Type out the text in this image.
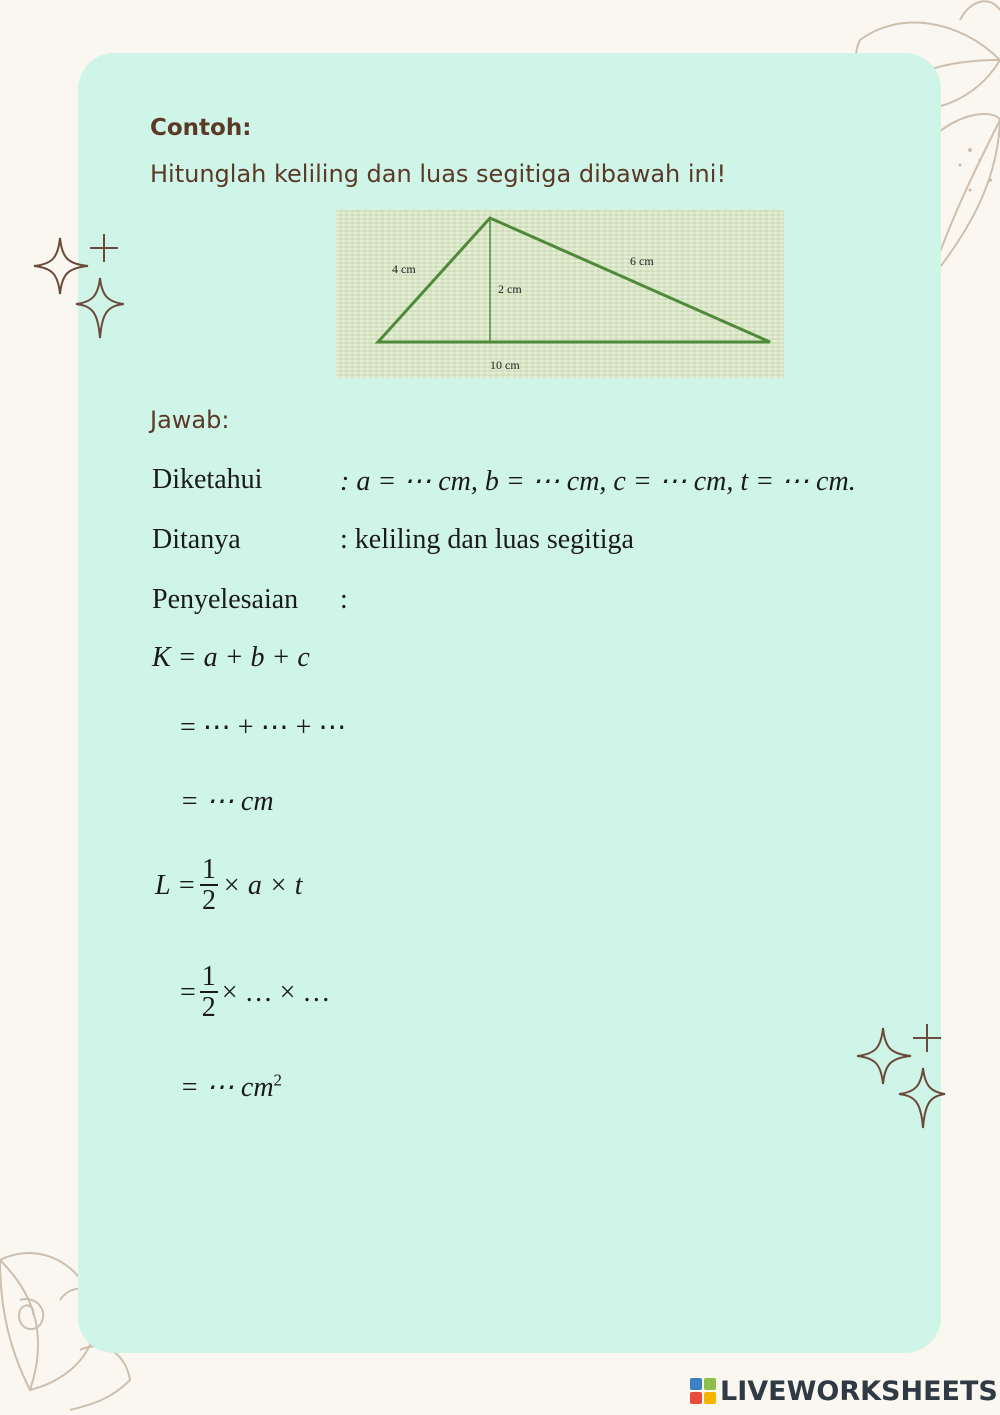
Contoh:
Hitunglah keliling dan luas segitiga dibawah ini!
4 cm
6 cm
2 cm
10 cm
Jawab:
Diketahui	: a = ⋯ cm, b = ⋯ cm, c = ⋯ cm, t = ⋯ cm.
Ditanya	: keliling dan luas segitiga
Penyelesaian :
K = a + b + c
= ⋯ + ⋯ + ⋯
= ⋯ cm
$L = \frac{1}{2} \times a \times t$
= $\frac{1}{2}$ × … × …
= ⋯ $cm^2$
LIVEWORKSHEETS
